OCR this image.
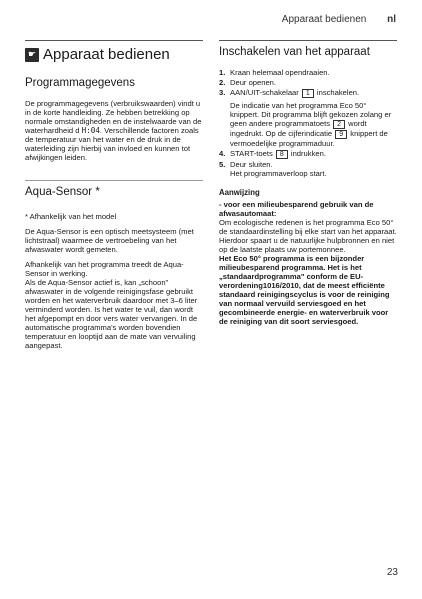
Apparaat bedienen nl
☛ Apparaat bedienen
Programmagegevens

De programmagegevens (verbruikswaarden) vindt u in de korte handleiding. Ze hebben betrekking op normale omstandigheden en de instelwaarde van de waterhardheid d H:04. Verschillende factoren zoals de temperatuur van het water en de druk in de waterleiding zijn hierbij van invloed en kunnen tot afwijkingen leiden.

Aqua-Sensor *

* Afhankelijk van het model

De Aqua-Sensor is een optisch meetsysteem (met lichtstraal) waarmee de vertroebeling van het afwaswater wordt gemeten.

Afhankelijk van het programma treedt de Aqua-Sensor in werking.

Als de Aqua-Sensor actief is, kan „schoon" afwaswater in de volgende reinigingsfase gebruikt worden en het waterverbruik daardoor met 3–6 liter verminderd worden. Is het water te vuil, dan wordt het afgepompt en door vers water vervangen. In de automatische programma's worden bovendien temperatuur en looptijd aan de mate van vervuiling aangepast.

Inschakelen van het apparaat
1. Kraan helemaal opendraaien.
2. Deur openen.
3. AAN/UIT-schakelaar 1 inschakelen.

De indicatie van het programma Eco 50° knippert. Dit programma blijft gekozen zolang er geen andere programmatoets 2 wordt ingedrukt. Op de cijferindicatie 9 knippert de vermoedelijke programmaduur.
4. START-toets 8 indrukken.
5. Deur sluiten.
Het programmaverloop start.
Aanwijzing

- voor een milieubesparend gebruik van de afwasautomaat:

Om ecologische redenen is het programma Eco 50° de standaardinstelling bij elke start van het apparaat. Hierdoor spaart u de natuurlijke hulpbronnen en niet op de laatste plaats uw portemonnee.

Het Eco 50° programma is een bijzonder milieubesparend programma. Het is het „standaardprogramma" conform de EU-verordening1016/2010, dat de meest efficiënte standaard reinigingscyclus is voor de reiniging van normaal vervuild serviesgoed en het gecombineerde energie- en waterverbruik voor de reiniging van dit soort serviesgoed.

23
